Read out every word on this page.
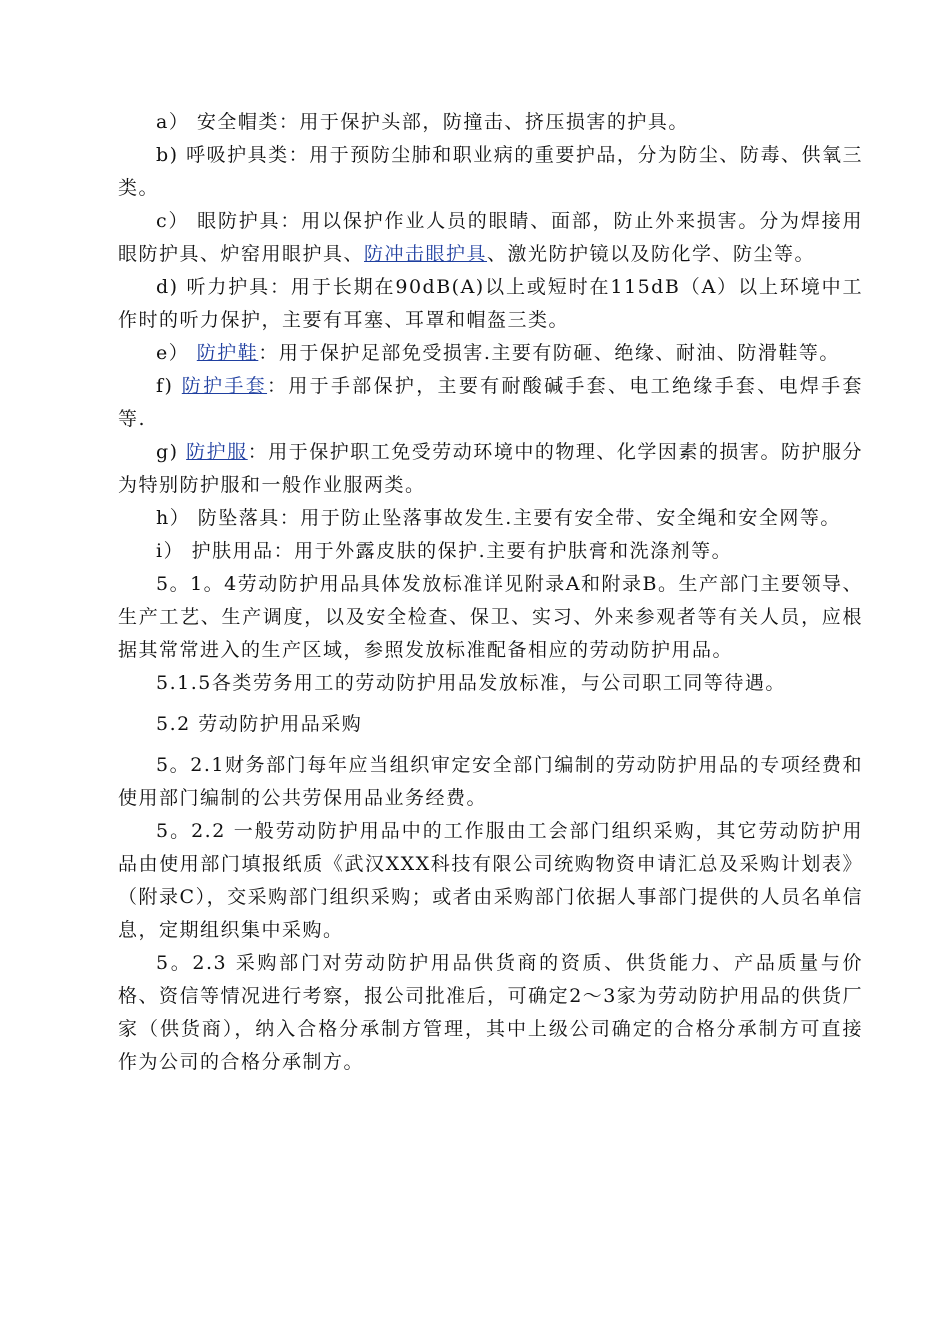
a） 安全帽类：用于保护头部，防撞击、挤压损害的护具。

b) 呼吸护具类：用于预防尘肺和职业病的重要护品，分为防尘、防毒、供氧三类。

c） 眼防护具：用以保护作业人员的眼睛、面部，防止外来损害。分为焊接用眼防护具、炉窑用眼护具、防冲击眼护具、激光防护镜以及防化学、防尘等。

d) 听力护具：用于长期在90dB(A)以上或短时在115dB（A）以上环境中工作时的听力保护，主要有耳塞、耳罩和帽盔三类。

e） 防护鞋：用于保护足部免受损害.主要有防砸、绝缘、耐油、防滑鞋等。

f) 防护手套：用于手部保护，主要有耐酸碱手套、电工绝缘手套、电焊手套等.

g) 防护服：用于保护职工免受劳动环境中的物理、化学因素的损害。防护服分为特别防护服和一般作业服两类。

h） 防坠落具：用于防止坠落事故发生.主要有安全带、安全绳和安全网等。

i） 护肤用品：用于外露皮肤的保护.主要有护肤膏和洗涤剂等。

5。1。4劳动防护用品具体发放标准详见附录A和附录B。生产部门主要领导、生产工艺、生产调度，以及安全检查、保卫、实习、外来参观者等有关人员，应根据其常常进入的生产区域，参照发放标准配备相应的劳动防护用品。

5.1.5各类劳务用工的劳动防护用品发放标准，与公司职工同等待遇。

5.2 劳动防护用品采购

5。2.1财务部门每年应当组织审定安全部门编制的劳动防护用品的专项经费和使用部门编制的公共劳保用品业务经费。

5。2.2 一般劳动防护用品中的工作服由工会部门组织采购，其它劳动防护用品由使用部门填报纸质《武汉XXX科技有限公司统购物资申请汇总及采购计划表》（附录C），交采购部门组织采购；或者由采购部门依据人事部门提供的人员名单信息，定期组织集中采购。

5。2.3 采购部门对劳动防护用品供货商的资质、供货能力、产品质量与价格、资信等情况进行考察，报公司批准后，可确定2～3家为劳动防护用品的供货厂家（供货商），纳入合格分承制方管理，其中上级公司确定的合格分承制方可直接作为公司的合格分承制方。
